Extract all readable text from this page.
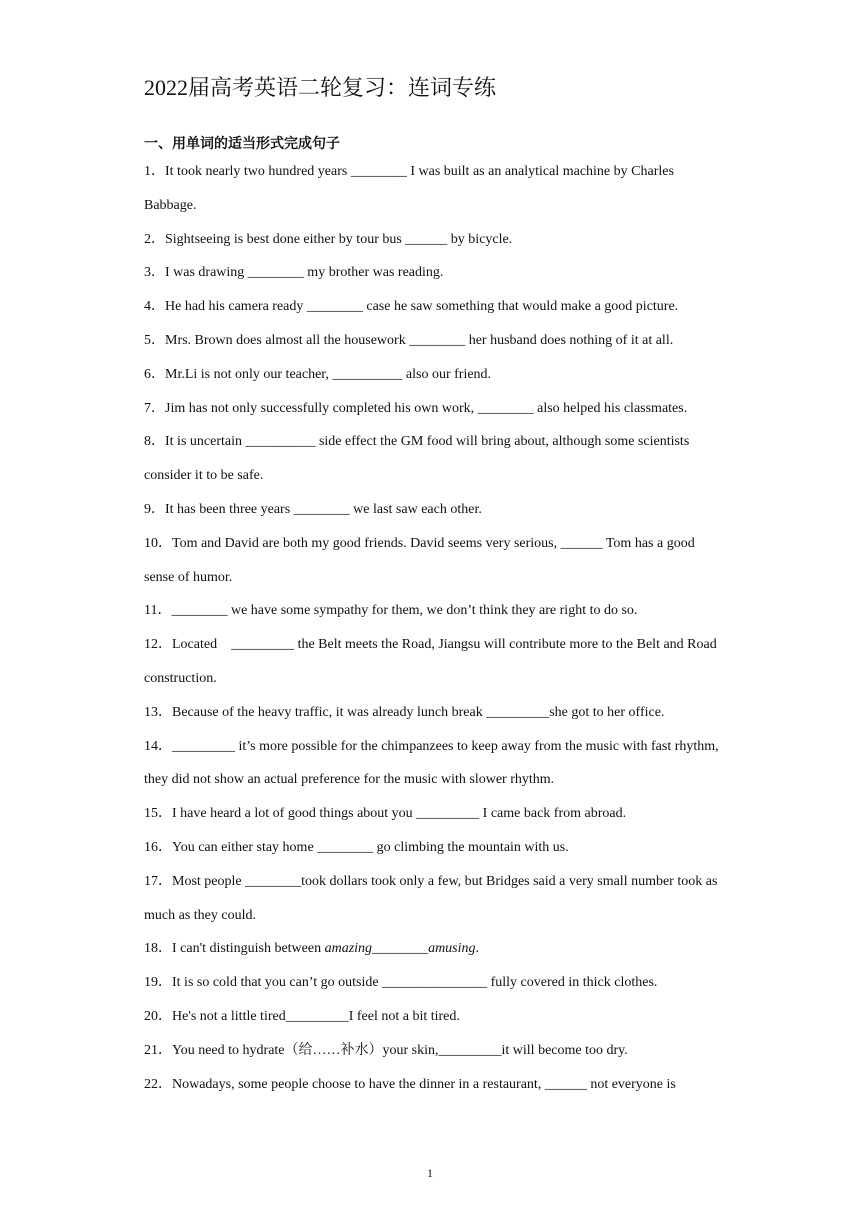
2022届高考英语二轮复习：连词专练
一、用单词的适当形式完成句子

1．It took nearly two hundred years ________ I was built as an analytical machine by Charles Babbage.

2．Sightseeing is best done either by tour bus ______ by bicycle.

3．I was drawing ________ my brother was reading.

4．He had his camera ready ________ case he saw something that would make a good picture.

5．Mrs. Brown does almost all the housework ________ her husband does nothing of it at all.

6．Mr.Li is not only our teacher, __________ also our friend.

7．Jim has not only successfully completed his own work, ________ also helped his classmates.

8．It is uncertain __________ side effect the GM food will bring about, although some scientists consider it to be safe.

9．It has been three years ________ we last saw each other.

10．Tom and David are both my good friends. David seems very serious, ______ Tom has a good sense of humor.

11．________ we have some sympathy for them, we don’t think they are right to do so.

12．Located    _________ the Belt meets the Road, Jiangsu will contribute more to the Belt and Road construction.

13．Because of the heavy traffic, it was already lunch break _________she got to her office.

14．_________ it’s more possible for the chimpanzees to keep away from the music with fast rhythm, they did not show an actual preference for the music with slower rhythm.

15．I have heard a lot of good things about you _________ I came back from abroad.

16．You can either stay home ________ go climbing the mountain with us.

17．Most people ________took dollars took only a few, but Bridges said a very small number took as much as they could.

18．I can't distinguish between amazing________amusing.

19．It is so cold that you can’t go outside _______________ fully covered in thick clothes.

20．He's not a little tired_________I feel not a bit tired.

21．You need to hydrate（给……补水）your skin,_________it will become too dry.

22．Nowadays, some people choose to have the dinner in a restaurant, ______ not everyone is

1
